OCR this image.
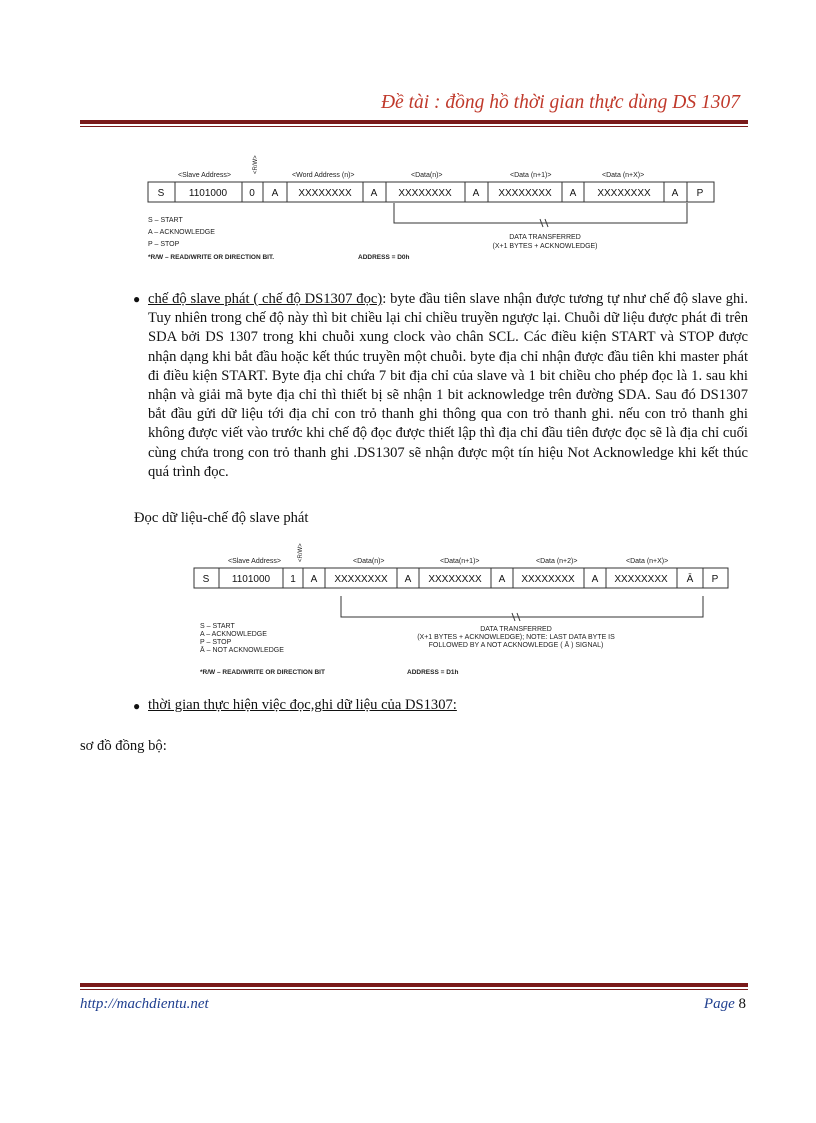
Đề tài : đồng hồ thời gian thực dùng DS 1307
<Slave Address>
<R/W>
<Word Address (n)>	<Data(n)>	<Data (n+1)>	<Data (n+X)>
S 1101000 0 A XXXXXXXX A XXXXXXXX A XXXXXXXX A XXXXXXXX A P
S – START
A – ACKNOWLEDGE
P – STOP
*R/W – READ/WRITE OR DIRECTION BIT.	ADDRESS = D0h
DATA TRANSFERRED
(X+1 BYTES + ACKNOWLEDGE)
<Slave Address>	<R/W>	<Data(n)>	<Data(n+1)>	<Data (n+2)>	<Data (n+X)>
S 1101000 1 A XXXXXXXX A XXXXXXXX A XXXXXXXX A XXXXXXXX Ā P
S – START
A – ACKNOWLEDGE
P – STOP
Ā – NOT ACKNOWLEDGE
*R/W – READ/WRITE OR DIRECTION BIT	ADDRESS = D1h
DATA TRANSFERRED
(X+1 BYTES + ACKNOWLEDGE); NOTE: LAST DATA BYTE IS
FOLLOWED BY A NOT ACKNOWLEDGE ( Ā ) SIGNAL)
● chế độ slave phát ( chế độ DS1307 đọc): byte đầu tiên slave nhận được tương tự như chế độ slave ghi. Tuy nhiên trong chế độ này thì bit chiều lại chỉ chiều truyền ngược lại. Chuỗi dữ liệu được phát đi trên SDA bởi DS 1307 trong khi chuỗi xung clock vào chân SCL. Các điều kiện START và STOP được nhận dạng khi bắt đầu hoặc kết thúc truyền một chuỗi. byte địa chỉ nhận được đầu tiên khi master phát đi điều kiện START. Byte địa chỉ chứa 7 bit địa chỉ của slave và 1 bit chiều cho phép đọc là 1. sau khi nhận và giải mã byte địa chỉ thì thiết bị sẽ nhận 1 bit acknowledge trên đường SDA. Sau đó DS1307 bắt đầu gửi dữ liệu tới địa chỉ con trỏ thanh ghi thông qua con trỏ thanh ghi. nếu con trỏ thanh ghi không được viết vào trước khi chế độ đọc được thiết lập thì địa chỉ đầu tiên được đọc sẽ là địa chỉ cuối cùng chứa trong con trỏ thanh ghi .DS1307 sẽ nhận được một tín hiệu Not Acknowledge khi kết thúc quá trình đọc.

Đọc dữ liệu-chế độ slave phát
● thời gian thực hiện việc đọc,ghi dữ liệu của DS1307:
sơ đồ đồng bộ:
http://machdientu.net	Page 8
